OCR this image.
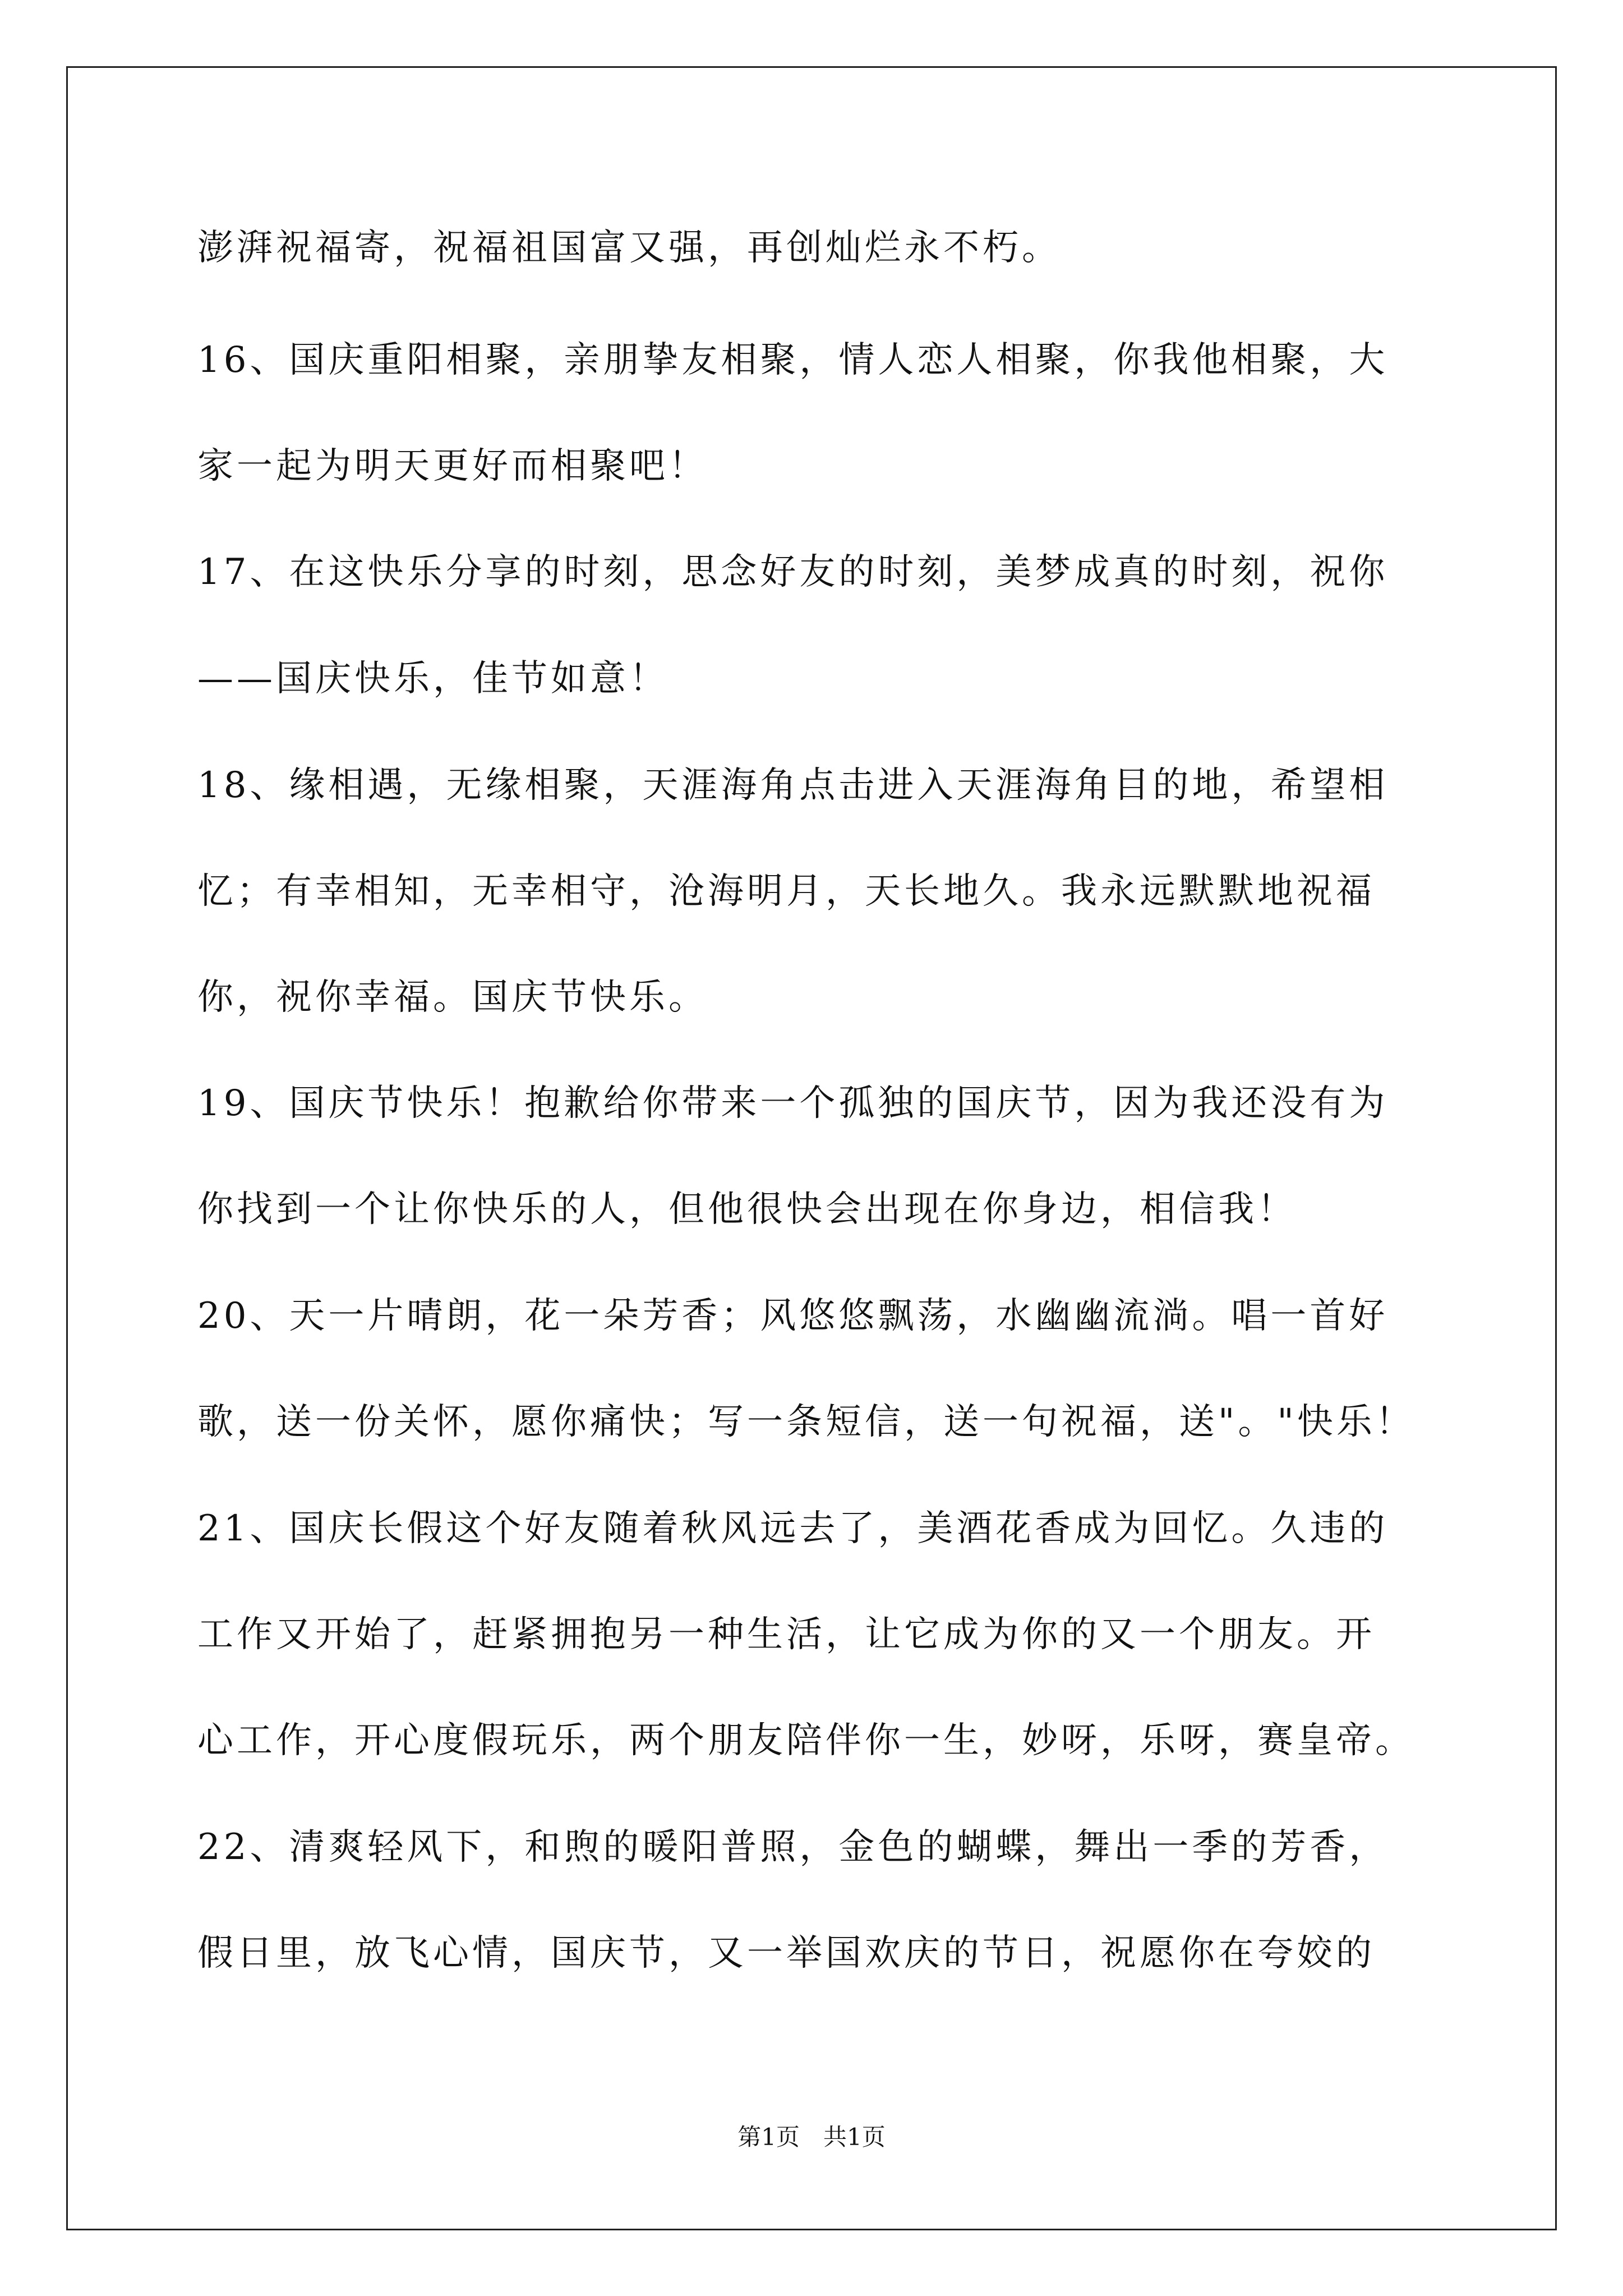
澎湃祝福寄，祝福祖国富又强，再创灿烂永不朽。
16、国庆重阳相聚，亲朋挚友相聚，情人恋人相聚，你我他相聚，大
家一起为明天更好而相聚吧！
17、在这快乐分享的时刻，思念好友的时刻，美梦成真的时刻，祝你
——国庆快乐，佳节如意！
18、缘相遇，无缘相聚，天涯海角点击进入天涯海角目的地，希望相
忆；有幸相知，无幸相守，沧海明月，天长地久。我永远默默地祝福
你，祝你幸福。国庆节快乐。
19、国庆节快乐！抱歉给你带来一个孤独的国庆节，因为我还没有为
你找到一个让你快乐的人，但他很快会出现在你身边，相信我！
20、天一片晴朗，花一朵芳香；风悠悠飘荡，水幽幽流淌。唱一首好
歌，送一份关怀，愿你痛快；写一条短信，送一句祝福，送"。"快乐！
21、国庆长假这个好友随着秋风远去了，美酒花香成为回忆。久违的
工作又开始了，赶紧拥抱另一种生活，让它成为你的又一个朋友。开
心工作，开心度假玩乐，两个朋友陪伴你一生，妙呀，乐呀，赛皇帝。
22、清爽轻风下，和煦的暖阳普照，金色的蝴蝶，舞出一季的芳香，
假日里，放飞心情，国庆节，又一举国欢庆的节日，祝愿你在夸姣的
第1页　共1页
